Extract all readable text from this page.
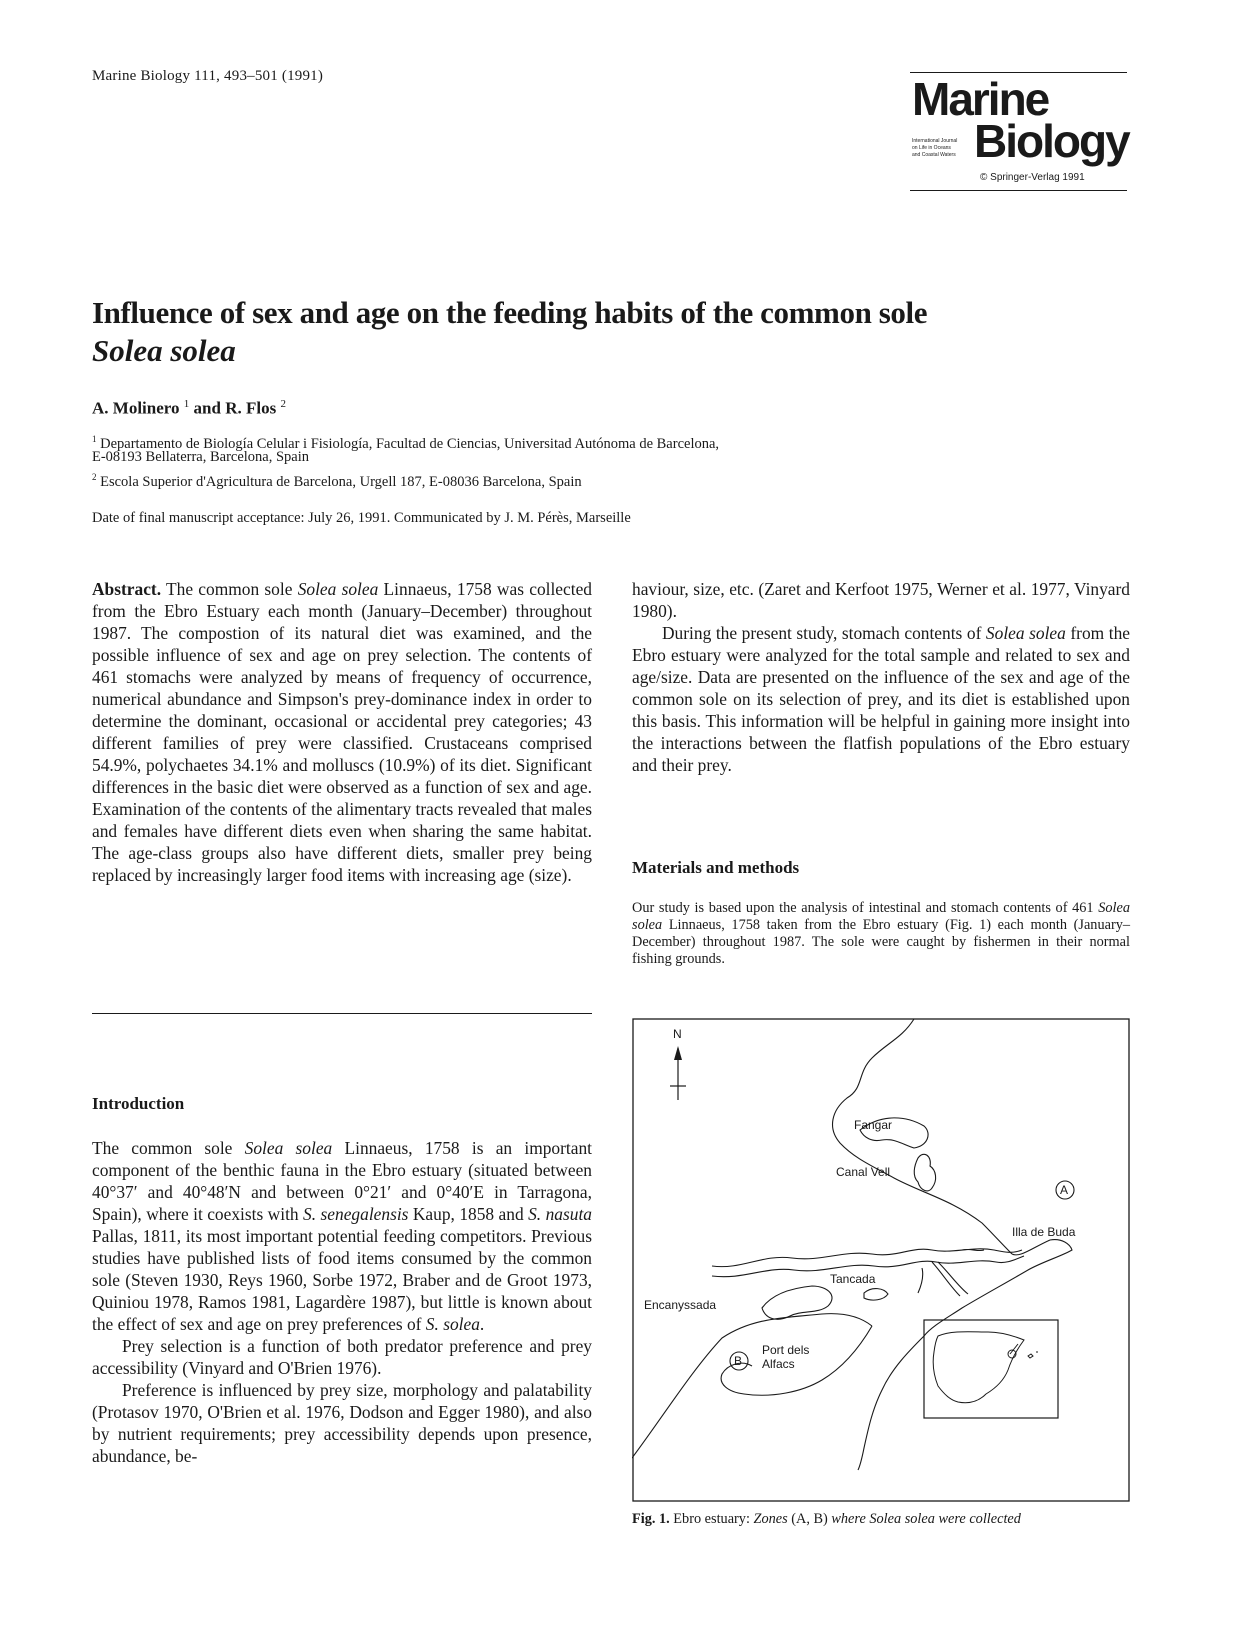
Marine Biology 111, 493–501 (1991)	Marine
International Journal
on Life in Oceans
and Coastal Waters Biology
© Springer-Verlag 1991
Influence of sex and age on the feeding habits of the common sole
Solea solea
A. Molinero $^1$ and R. Flos $^2$
$^1$ Departamento de Biología Celular i Fisiología, Facultad de Ciencias, Universitad Autónoma de Barcelona,
E-08193 Bellaterra, Barcelona, Spain
$^2$ Escola Superior d'Agricultura de Barcelona, Urgell 187, E-08036 Barcelona, Spain
Date of final manuscript acceptance: July 26, 1991. Communicated by J. M. Pérès, Marseille

Abstract. The common sole Solea solea Linnaeus, 1758 was collected from the Ebro Estuary each month (January–December) throughout 1987. The compostion of its natural diet was examined, and the possible influence of sex and age on prey selection. The contents of 461 stomachs were analyzed by means of frequency of occurrence, numerical abundance and Simpson's prey-dominance index in order to determine the dominant, occasional or accidental prey categories; 43 different families of prey were classified. Crustaceans comprised 54.9%, polychaetes 34.1% and molluscs (10.9%) of its diet. Significant differences in the basic diet were observed as a function of sex and age. Examination of the contents of the alimentary tracts revealed that males and females have different diets even when sharing the same habitat. The age-class groups also have different diets, smaller prey being replaced by increasingly larger food items with increasing age (size).

haviour, size, etc. (Zaret and Kerfoot 1975, Werner et al. 1977, Vinyard 1980).

During the present study, stomach contents of Solea solea from the Ebro estuary were analyzed for the total sample and related to sex and age/size. Data are presented on the influence of the sex and age of the common sole on its selection of prey, and its diet is established upon this basis. This information will be helpful in gaining more insight into the interactions between the flatfish populations of the Ebro estuary and their prey.

Materials and methods
Our study is based upon the analysis of intestinal and stomach contents of 461 Solea solea Linnaeus, 1758 taken from the Ebro estuary (Fig. 1) each month (January–December) throughout 1987. The sole were caught by fishermen in their normal fishing grounds.
Introduction

The common sole Solea solea Linnaeus, 1758 is an important component of the benthic fauna in the Ebro estuary (situated between 40°37′ and 40°48′N and between 0°21′ and 0°40′E in Tarragona, Spain), where it coexists with S. senegalensis Kaup, 1858 and S. nasuta Pallas, 1811, its most important potential feeding competitors. Previous studies have published lists of food items consumed by the common sole (Steven 1930, Reys 1960, Sorbe 1972, Braber and de Groot 1973, Quiniou 1978, Ramos 1981, Lagardère 1987), but little is known about the effect of sex and age on prey preferences of S. solea.

Prey selection is a function of both predator preference and prey accessibility (Vinyard and O'Brien 1976).

Preference is influenced by prey size, morphology and palatability (Protasov 1970, O'Brien et al. 1976, Dodson and Egger 1980), and also by nutrient requirements; prey accessibility depends upon presence, abundance, be-

N
A
B
Fangar
Canal Vell
Illa de Buda
Tancada
Encanyssada
Port dels
Alfacs
Fig. 1. Ebro estuary: Zones (A, B) where Solea solea were collected
